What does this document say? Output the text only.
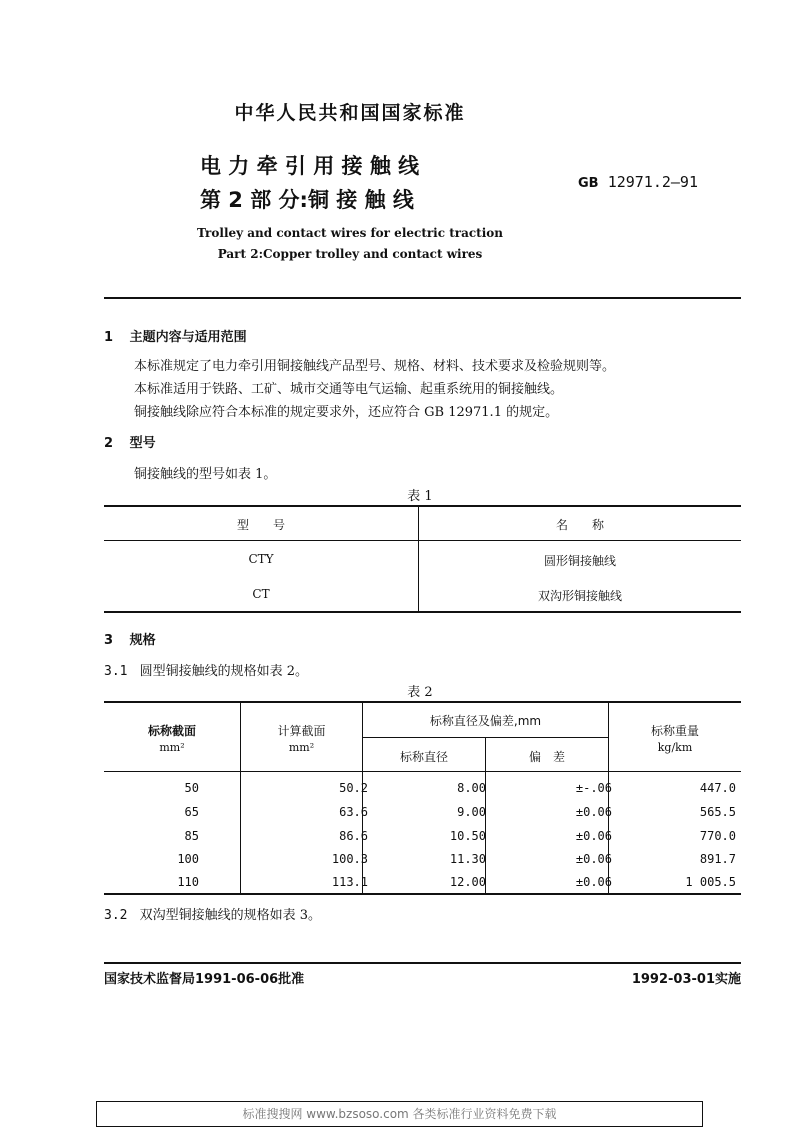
中华人民共和国国家标准
电 力 牵 引 用 接 触 线
第 2 部 分:铜 接 触 线
GB 12971.2—91
Trolley and contact wires for electric traction
Part 2:Copper trolley and contact wires
1 主题内容与适用范围
本标准规定了电力牵引用铜接触线产品型号、规格、材料、技术要求及检验规则等。
本标准适用于铁路、工矿、城市交通等电气运输、起重系统用的铜接触线。
铜接触线除应符合本标准的规定要求外，还应符合 GB 12971.1 的规定。
2 型号
铜接触线的型号如表 1。
表 1
型　　号	名　　称
CTY	圆形铜接触线
CT	双沟形铜接触线
3 规格
3.1 圆型铜接触线的规格如表 2。
表 2
标称截面
mm²
计算截面
mm²
标称直径及偏差,mm
标称直径	偏　差
标称重量
kg/km
50	50.2	8.00	±-.06	447.0
65	63.6	9.00	±0.06	565.5
85	86.6	10.50	±0.06	770.0
100	100.3	11.30	±0.06	891.7
110	113.1	12.00	±0.06	1 005.5
3.2 双沟型铜接触线的规格如表 3。
国家技术监督局1991-06-06批准	1992-03-01实施
标准搜搜网 www.bzsoso.com 各类标准行业资料免费下载
